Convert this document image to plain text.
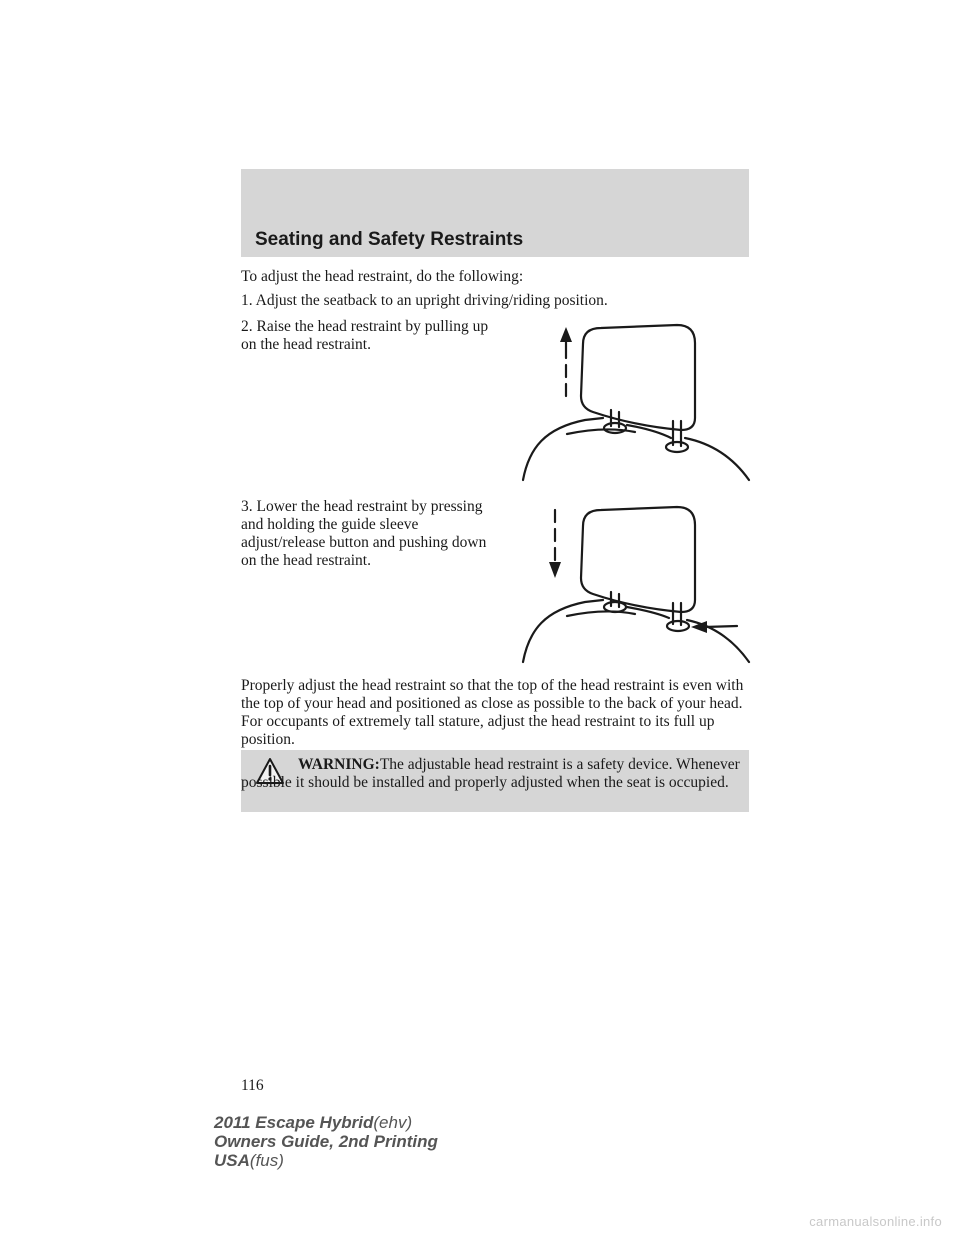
Seating and Safety Restraints

To adjust the head restraint, do the following:

1. Adjust the seatback to an upright driving/riding position.

2. Raise the head restraint by pulling up on the head restraint.

3. Lower the head restraint by pressing and holding the guide sleeve adjust/release button and pushing down on the head restraint.

Properly adjust the head restraint so that the top of the head restraint is even with the top of your head and positioned as close as possible to the back of your head. For occupants of extremely tall stature, adjust the head restraint to its full up position.

WARNING:The adjustable head restraint is a safety device. Whenever possible it should be installed and properly adjusted when the seat is occupied.

116
2011 Escape Hybrid(ehv)
Owners Guide, 2nd Printing
USA(fus)
carmanualsonline.info
